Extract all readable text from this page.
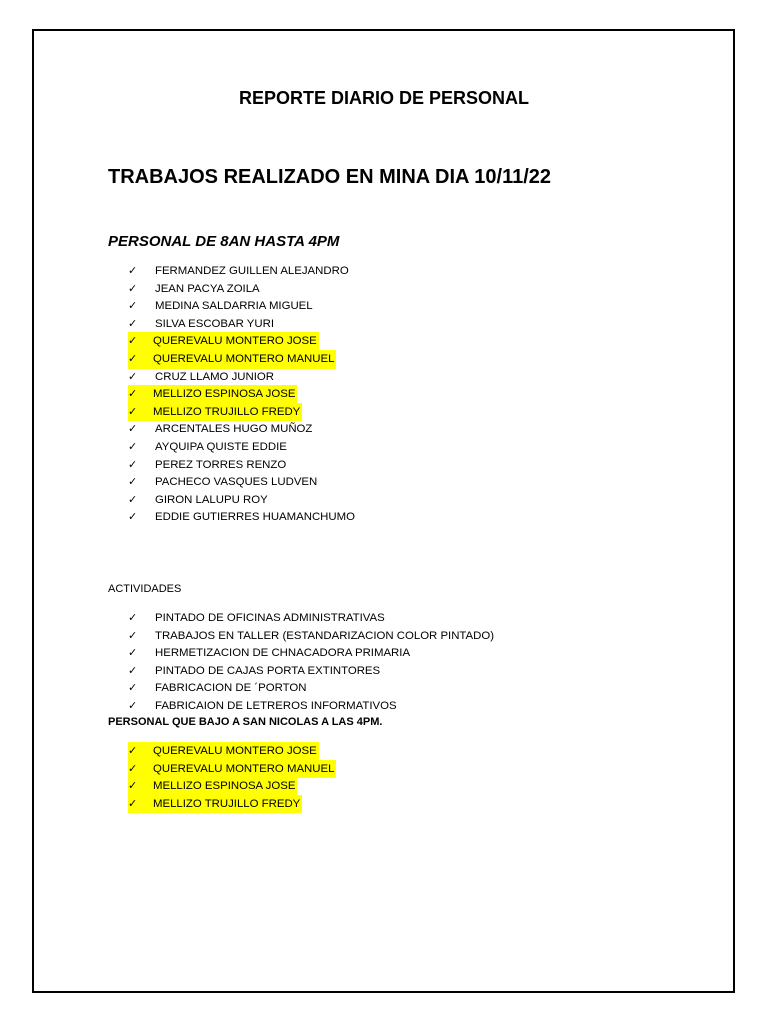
REPORTE DIARIO DE PERSONAL
TRABAJOS REALIZADO EN MINA DIA 10/11/22
PERSONAL DE 8AN HASTA 4PM
✓ FERMANDEZ GUILLEN ALEJANDRO
✓ JEAN PACYA ZOILA
✓ MEDINA SALDARRIA MIGUEL
✓ SILVA ESCOBAR YURI
✓ QUEREVALU MONTERO JOSE
✓ QUEREVALU MONTERO MANUEL
✓ CRUZ LLAMO JUNIOR
✓ MELLIZO ESPINOSA JOSE
✓ MELLIZO TRUJILLO FREDY
✓ ARCENTALES HUGO MUÑOZ
✓ AYQUIPA QUISTE EDDIE
✓ PEREZ TORRES RENZO
✓ PACHECO VASQUES LUDVEN
✓ GIRON LALUPU ROY
✓ EDDIE GUTIERRES HUAMANCHUMO
ACTIVIDADES
✓ PINTADO DE OFICINAS ADMINISTRATIVAS
✓ TRABAJOS EN TALLER (ESTANDARIZACION COLOR PINTADO)
✓ HERMETIZACION DE CHNACADORA PRIMARIA
✓ PINTADO DE CAJAS PORTA EXTINTORES
✓ FABRICACION DE ´PORTON
✓ FABRICAION DE LETREROS INFORMATIVOS
PERSONAL QUE BAJO A SAN NICOLAS A LAS 4PM.
✓ QUEREVALU MONTERO JOSE
✓ QUEREVALU MONTERO MANUEL
✓ MELLIZO ESPINOSA JOSE
✓ MELLIZO TRUJILLO FREDY
